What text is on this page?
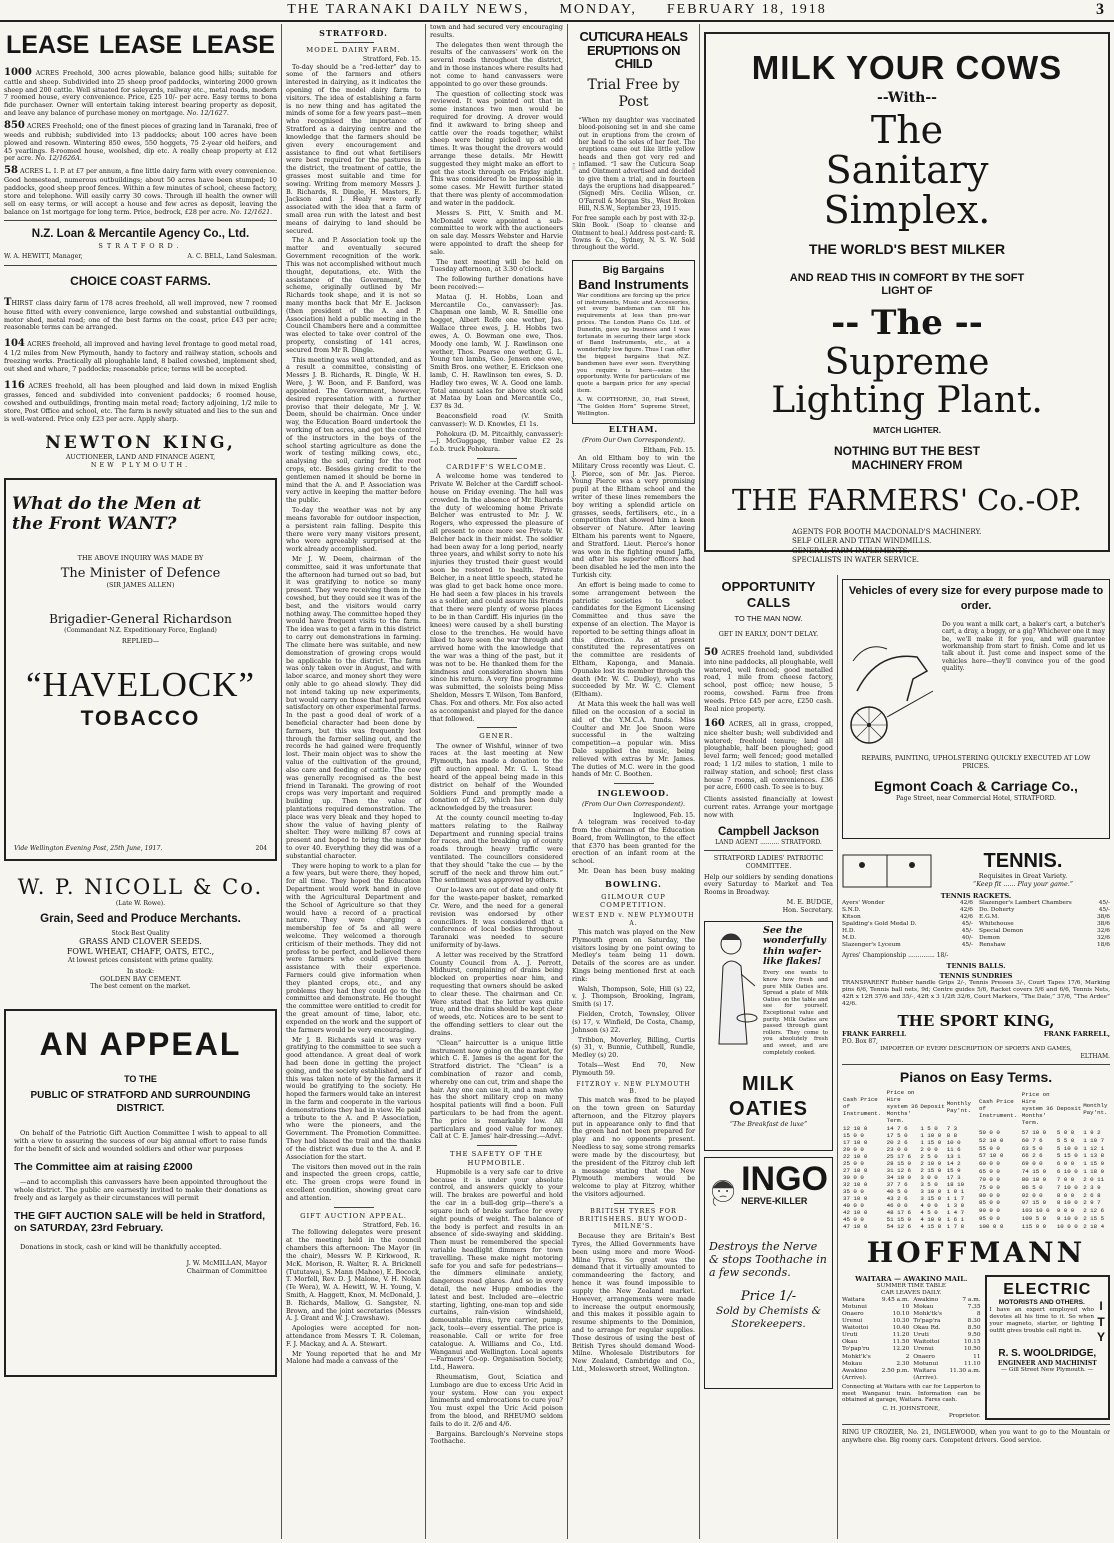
THE TARANAKI DAILY NEWS, MONDAY, FEBRUARY 18, 1918	3
LEASE LEASE LEASE

1000 ACRES Freehold, 300 acres plowable, balance good hills; suitable for cattle and sheep. Subdivided into 25 sheep proof paddocks, wintering 2000 grown sheep and 200 cattle. Well situated for saleyards, railway etc., metal roads, modern 7 roomed house, every convenience. Price, £25 10/- per acre. Easy terms to bona fide purchaser. Owner will entertain taking interest bearing property as deposit, and leave any balance of purchase money on mortgage. No. 12/1627.

850 ACRES Freehold; one of the finest pieces of grazing land in Taranaki, free of weeds and rubbish; subdivided into 13 paddocks; about 100 acres have been plowed and resown. Wintering 850 ewes, 550 hoggets, 75 2-year old heifers, and 45 yearlings. 8-roomed house, woolshed, dip etc. A really cheap property at £12 per acre. No. 12/1626A.

58 ACRES L. I. P. at £7 per annum, a fine little dairy farm with every convenience. Good homestead, numerous outbuildings; about 50 acres have been stumped; 10 paddocks, good sheep proof fences. Within a few minutes of school, cheese factory, store and telephone. Will easily carry 30 cows. Through ill health the owner will sell on easy terms, or will accept a house and few acres as deposit, leaving the balance on 1st mortgage for long term. Price, bedrock, £28 per acre. No. 12/1621.

N.Z. Loan & Mercantile Agency Co., Ltd.
STRATFORD.
W. A. HEWITT, Manager,	A. C. BELL, Land Salesman.
CHOICE COAST FARMS.

THIRST class dairy farm of 178 acres freehold, all well improved, new 7 roomed house fitted with every convenience, large cowshed and substantial outbuildings, motor shed, metal road; one of the best farms on the coast, price £43 per acre; reasonable terms can be arranged.

104 ACRES freehold, all improved and having level frontage to good metal road, 4 1/2 miles from New Plymouth, handy to factory and railway station, schools and freezing works. Practically all ploughable land, 8 bailed cowshed, implement shed, out shed and whare, 7 paddocks; reasonable price; terms will be accepted.

116 ACRES freehold, all has been ploughed and laid down in mixed English grasses, fenced and subdivided into convenient paddocks; 6 roomed house, cowshed and outbuildings, fronting main metal road; factory adjoining, 1/2 mile to store, Post Office and school, etc. The farm is newly situated and lies to the sun and is well-watered. Price only £23 per acre. Apply sharp.

NEWTON KING,
AUCTIONEER, LAND AND FINANCE AGENT,
NEW PLYMOUTH.
What do the Men at
the Front WANT?
THE ABOVE INQUIRY WAS MADE BY
The Minister of Defence
(SIR JAMES ALLEN)
Brigadier-General Richardson
(Commandant N.Z. Expeditionary Force, England)
REPLIED—
“HAVELOCK”
TOBACCO
Vide Wellington Evening Post, 25th June, 1917.	204
W. P. NICOLL & Co.
(Late W. Rowe).
Grain, Seed and Produce Merchants.
Stock Best Quality
GRASS AND CLOVER SEEDS.
FOWL WHEAT, CHAFF, OATS, ETC.,
At lowest prices consistent with prime quality.
In stock:
GOLDEN BAY CEMENT.
The best cement on the market.
AN APPEAL
TO THE
PUBLIC OF STRATFORD AND SURROUNDING DISTRICT.

On behalf of the Patriotic Gift Auction Committee I wish to appeal to all with a view to assuring the success of our big annual effort to raise funds for the benefit of sick and wounded soldiers and other war purposes

The Committee aim at raising £2000

—and to accomplish this canvassers have been appointed throughout the whole district. The public are earnestly invited to make their donations as freely and as largely as their circumstances will permit

THE GIFT AUCTION SALE will be held in Stratford, on SATURDAY, 23rd February.

Donations in stock, cash or kind will be thankfully accepted.

J. W. McMILLAN, Mayor
Chairman of Committee
STRATFORD.
MODEL DAIRY FARM.
Stratford, Feb. 15.

To-day should be a “red-letter” day to some of the farmers and others interested in dairying, as it indicates the opening of the model dairy farm to visitors. The idea of establishing a farm is no new thing and has agitated the minds of some for a few years past—men who recognised the importance of Stratford as a dairying centre and the knowledge that the farmers should be given every encouragement and assistance to find out what fertilisers were best required for the pastures in the district, the treatment of cattle, the grasses most suitable and time for sowing. Writing from memory Messrs J. B. Richards, R. Dingle, H. Masters, E. Jackson and J. Healy were early associated with the idea that a farm of small area run with the latest and best means of dairying to land should be secured.

The A. and P. Association took up the matter and eventually secured Government recognition of the work. This was not accomplished without much thought, deputations, etc. With the assistance of the Government, the scheme, originally outlined by Mr Richards took shape, and it is not so many months back that Mr E. Jackson (then president of the A. and P. Association) held a public meeting in the Council Chambers here and a committee was elected to take over control of the property, consisting of 141 acres, secured from Mr R. Dingle.

This meeting was well attended, and as a result a committee, consisting of Messrs J. B. Richards, R. Dingle, W. H. Were, J. W. Boon, and F. Banford, was appointed. The Government, however, desired representation with a further proviso that their delegate, Mr J. W. Deem, should be chairman. Once under way, the Education Board undertook the working of ten acres, and got the control of the instructors in the boys of the school starting agriculture as done the work of testing milking cows, etc., analysing the soil, caring for the root crops, etc. Besides giving credit to the gentlemen named it should be borne in mind that the A. and P. Association was very active in keeping the matter before the public.

To-day the weather was not by any means favorable for outdoor inspection, a persistent rain falling. Despite this there were very many visitors present, who were agreeably surprised at the work already accomplished.

Mr J. W. Deem, chairman of the committee, said it was unfortunate that the afternoon had turned out so bad, but it was gratifying to notice so many present. They were receiving them in the cowshed, but they could see it was of the best, and the visitors would carry nothing away. The committee hoped they would have frequent visits to the farm. The idea was to get a farm in this district to carry out demonstrations in farming. The climate here was suitable, and new demonstration of growing crops would be applicable to the district. The farm was only taken over in August, and with labor scarce, and money short they were only able to go ahead slowly. They did not intend taking up new experiments, but would carry on those that had proved satisfactory on other experimental farms. In the past a good deal of work of a beneficial character had been done by farmers, but this was frequently lost through the farmer selling out, and the records he had gained were frequently lost. Their main object was to show the value of the cultivation of the ground, also care and feeding of cattle. The cow was generally recognised as the best friend in Taranaki. The growing of root crops was very important and required building up. Then the value of plantations required demonstration. The place was very bleak and they hoped to show the value of having plenty of shelter. They were milking 87 cows at present and hoped to bring the number to over 40. Everything they did was of a substantial character.

They were hoping to work to a plan for a few years, but were there, they hoped, for all time. They hoped the Education Department would work hand in glove with the Agricultural Department and the School of Agriculture so that they would have a record of a practical nature. They were charging a membership fee of 5s and all were welcome. They welcomed a thorough criticism of their methods. They did not profess to be perfect, and believed there were farmers who could give them assistance with their experience. Farmers could give information when they planted crops, etc., and any problems they had they could go to the committee and demonstrate. He thought the committee were entitled to credit for the great amount of time, labor, etc. expended on the work and the support of the farmers would be very encouraging.

Mr J. B. Richards said it was very gratifying to the committee to see such a good attendance. A great deal of work had been done in getting the project going, and the society established, and if this was taken note of by the farmers it would be gratifying to the society. He hoped the farmers would take an interest in the farm and cooperate in the various demonstrations they had in view. He paid a tribute to the A. and P. Association, who were the pioneers, and the Government. The Promotion Committee. They had blazed the trail and the thanks of the district was due to the A. and P. Association for the start.

The visitors then moved out in the rain and inspected the green crops, cattle, etc. The green crops were found in excellent condition, showing great care and attention.

GIFT AUCTION APPEAL.
Stratford, Feb. 16.

The following delegates were present at the meeting held in the council chambers this afternoon: The Mayor (in the chair), Messrs W. P. Kirkwood, R. McK. Morison, R. Walter, R. A. Bricknell (Tututawa), S. Mann (Mahoe), E. Bocock, T. Morfell, Rev. D. J. Malone, V. H. Nolan (Te Wera), W. A. Hewitt, W. H. Young, V. Smith, A. Haggett, Knox, M. McDonald, J. B. Richards, Mallow, G. Sangster, N. Brown, and the joint secretaries (Messrs A. J. Grant and W. J. Crawshaw).

Apologies were accepted for non-attendance from Messrs T. R. Coleman, F. J. Mackay, and A. A. Stewart.

Mr Young reported that he and Mr Malone had made a canvass of the

town and had secured very encouraging results.

The delegates then went through the results of the canvassers' work on the several roads throughout the district, and in those instances where results had not come to hand canvassers were appointed to go over these grounds.

The question of collecting stock was reviewed. It was pointed out that in some instances two men would be required for droving. A drover would find it awkward to bring sheep and cattle over the roads together, whilst sheep were being picked up at odd times. It was thought the drovers would arrange these details. Mr Hewitt suggested they might make an effort to get the stock through on Friday night. This was considered to be impossible in some cases. Mr Hewitt further stated that there was plenty of accommodation and water in the paddock.

Messrs S. Pitt, V. Smith and M. McDonald were appointed a sub-committee to work with the auctioneers on sale day. Messrs Webster and Harvie were appointed to draft the sheep for sale.

The next meeting will be held on Tuesday afternoon, at 3.30 o'clock.

The following further donations have been received:—

Mataa (J. H. Hobbs, Loan and Mercantile Co., canvasser): Jas. Chapman one lamb, W. R. Smellie one hogget, Albert Rolfe one wether, Jas. Wallace three ewes, J. H. Hobbs two ewes, A. O. Bowman one ewe, Thos. Moody one lamb, W. J. Rawlinson one wether, Thos. Pearse one wether, G. L. Young ten lambs, Geo. Jensen one ewe, Smith Bros. one wether, E. Erickson one lamb, C. H. Rawlinson ten ewes, S. D. Hadley two ewes, W. A. Good one lamb. Total amount sales for above stock sold at Mataa by Loan and Mercantile Co., £37 8s 3d.

Beaconsfield road (V. Smith canvasser): W. D. Knowles, £1 1s.

Pohokura (D. M. Pitcaithly, canvasser):—J. McGuggage, timber value £2 2s f.o.b. truck Pohokura.

CARDIFF'S WELCOME.

A welcome home was tendered to Private W. Belcher at the Cardiff school-house on Friday evening. The hall was crowded. In the absence of Mr. Richards the duty of welcoming home Private Belcher was entrusted to Mr. J. W. Rogers, who expressed the pleasure of all present to once more see Private W. Belcher back in their midst. The soldier had been away for a long period, nearly three years, and whilst sorry to note his injuries they trusted their guest would soon be restored to health. Private Belcher, in a neat little speech, stated he was glad to get back home once more. He had seen a few places in his travels as a soldier, and could assure his friends that there were plenty of worse places to be in than Cardiff. His injuries (in the knees) were caused by a shell bursting close to the trenches. He would have liked to have seen the war through and arrived home with the knowledge that the war was a thing of the past, but it was not to be. He thanked them for the kindness and consideration shown him since his return. A very fine programme was submitted, the soloists being Miss Sheldon, Messrs T. Wilson, Tom Banford, Chas. Fox and others. Mr. Fox also acted as accompanist and played for the dance that followed.

GENER.

The owner of Wishful, winner of two races at the last meeting at New Plymouth, has made a donation to the gift auction appeal. Mr. G. L. Stead heard of the appeal being made in this district on behalf of the Wounded Soldiers Fund and promptly made a donation of £25, which has been duly acknowledged by the treasurer.

At the county council meeting to-day matters relating to the Railway Department and running special trains for races, and the breaking up of county roads through heavy traffic were ventilated. The councillors considered that they should “take the cue — by the scruff of the neck and throw him out.” The sentiment was approved by others.

Our lo-laws are out of date and only fit for the waste-paper basket, remarked Cr. Were, and the need for a general revision was endorsed by other councillors. It was considered that a conference of local bodies throughout Taranaki was needed to secure uniformity of by-laws.

A letter was received by the Stratford County Council from A. J. Perrott, Midhurst, complaining of drains being blocked on properties near him, and requesting that owners should be asked to clear these. The chairman and Cr. Were stated that the letter was quite true, and the drains should be kept clear of weeds, etc. Notices are to be sent to the offending settlers to clear out the drains.

“Clean” haircutter is a unique little instrument now going on the market, for which C. E. James is the agent for the Stratford district. The “Clean” is a combination of razor and comb, whereby one can cut, trim and shape the hair. Any one can use it, and a man who has the short military crop on many hospital patients will find a boon. Full particulars to be had from the agent. The price is remarkably low. All particulars and good value for money. Call at C. E. James' hair-dressing.—Advt.

THE SAFETY OF THE HUPMOBILE.

Hupmobile is a very safe car to drive because it is under your absolute control, and answers quickly to your will. The brakes are powerful and hold the car in a bull-dog grip—there's a square inch of brake surface for every eight pounds of weight. The balance of the body is perfect and results in an absence of side-swaying and skidding. Then must be remembered the special variable headlight dimmers for town travelling. These make night motoring safe for you and safe for pedestrians—the dimmers eliminate anxiety, dangerous road glares. And so in every detail, the new Hupp embodies the latest and best. Included are—electric starting, lighting, one-man top and side curtains, rain-vision windshield, demountable rims, tyre carrier, pump, jack, tools—every essential. The price is reasonable. Call or write for free catalogue. A. Williams and Co., Ltd. Wanganui and Wellington. Local agents—Farmers' Co-op. Organisation Society, Ltd., Hawera.

Rheumatism, Gout, Sciatica and Lumbago are due to excess Uric Acid in your system. How can you expect liniments and embrocations to cure you? You must expel the Uric Acid poison from the blood, and RHEUMO seldom fails to do it. 2/6 and 4/6.

Bargains. Barclough's Nerveine stops Toothache.

CUTICURA HEALS ERUPTIONS ON CHILD
Trial Free by Post

“When my daughter was vaccinated blood-poisoning set in and she came out in eruptions from the crown of her head to the soles of her feet. The eruptions came out like little yellow heads and then got very red and inflamed. “I saw the Cuticura Soap and Ointment advertised and decided to give them a trial, and in fourteen days the eruptions had disappeared.” (Signed) Mrs. Cecilia Wilson, cr. O'Farrell & Morgan Sts., West Broken Hill, N.S.W., September 23, 1915.

For free sample each by post with 32-p. Skin Book. (Soap to cleanse and Ointment to heal.) Address post-card: R. Towns & Co., Sydney, N. S. W. Sold throughout the world.

Big Bargains
Band Instruments

War conditions are forcing up the price of instruments, Music and Accessories, yet every bandsman can fill his requirements at less than pre-war prices. The London Piano Co. Ltd. of Dunedin, gave up business and I was fortunate in securing their large stock of Band Instruments, etc., at a wonderfully low figure. Thus I can offer the biggest bargains that N.Z. bandsmen have ever seen. Everything you require is here—seize the opportunity. Write for particulars of me quote a bargain price for any special item.

A. W. COPTHORNE, 30, Hall Street, “The Golden Horn” Supreme Street, Wellington.

ELTHAM.
(From Our Own Correspondent).
Eltham, Feb. 15.

An old Eltham boy to win the Military Cross recently was Lieut. C. J. Pierce, son of Mr. Jas. Pierce. Young Pierce was a very promising pupil at the Eltham school and the writer of these lines remembers the boy writing a splendid article on grasses, seeds, fertilisers, etc., in a competition that showed him a keen observer of Nature. After leaving Eltham his parents went to Ngaere, and Stratford. Lieut. Pierce's honor was won in the fighting round Jaffa, and after his superior officers had been disabled he led the men into the Turkish city.

An effort is being made to come to some arrangement between the patriotic societies to select candidates for the Egmont Licensing Committee and thus save the expense of an election. The Mayor is reported to be setting things afloat in this direction. As at present constituted the representatives on the committee are residents of Eltham, Kaponga, and Manaia. Opunake lost its member through the death (Mr. W. C. Dudley), who was succeeded by Mr. W. C. Clement (Eltham).

At Mata this week the hall was well filled on the occasion of a social in aid of the Y.M.C.A. funds. Miss Coulter and Mr. Joe Snoon were successful in the waltzing competition—a popular win. Miss Dale supplied the music, being relieved with extras by Mr. James. The duties of M.C. were in the good hands of Mr. C. Boothen.

INGLEWOOD.
(From Our Own Correspondent).
Inglewood, Feb. 15.

A telegram was received to-day from the chairman of the Education Board, from Wellington, to the effect that £370 has been granted for the erection of an infant room at the school.

Mr. Dean has been busy making

BOWLING.
GILMOUR CUP COMPETITION.
WEST END v. NEW PLYMOUTH A.

This match was played on the New Plymouth green on Saturday, the visitors losing by one point owing to Medley's team being 11 down. Details of the scores are as under. Kings being mentioned first at each rink:

Walsh, Thompson, Sole, Hill (s) 22, v. J. Thompson, Brooking, Ingram, Smith (s) 17.

Fielden, Crotch, Townsley, Oliver (s) 17, v. Winfield, De Costa, Champ, Johnson (s) 22.

Tribbon, Moverley, Billing, Curtis (s) 31, v. Bunnie, Cuthbell, Rundle, Medley (s) 20.

Totals—West End 70, New Plymouth 59.

FITZROY v. NEW PLYMOUTH B.

This match was fixed to be played on the town green on Saturday afternoon, and the Fitzroy players put in appearance only to find that the green had not been prepared for play and no opponents present. Needless to say, some strong remarks were made by the discourtesy, but the president of the Fitzroy club left a message stating that the New Plymouth members would be welcome to play at Fitzroy, whither the visitors adjourned.

BRITISH TYRES FOR BRITISHERS. BUY WOOD-MILNE'S.

Because they are Britain's Best Tyres, the Allied Governments have been using more and more Wood-Milne Tyres. So great was the demand that it virtually amounted to commandeering the factory, and hence it was found impossible to supply the New Zealand market. However, arrangements were made to increase the output enormously, and this makes it possible again to resume shipments to the Dominion, and to arrange for regular supplies. Those desirous of using the best of British Tyres should demand Wood-Milne. Wholesale Distributors for New Zealand, Cambridge and Co., Ltd., Molesworth street, Wellington.

OPPORTUNITY CALLS
TO THE MAN NOW.
GET IN EARLY, DON'T DELAY.

50 ACRES freehold land, subdivided into nine paddocks, all ploughable, well watered, well fenced; good metalled road, 1 mile from cheese factory, school, post office; new house, 5 rooms, cowshed. Farm free from weeds. Price £45 per acre, £250 cash. Real nice property.

160 ACRES, all in grass, cropped, nice shelter bush; well subdivided and watered; freehold tenure; land all ploughable, half been ploughed; good level farm; well fenced; good metalled road; 1 1/2 miles to station, 1 mile to railway station, and school; first class house 7 rooms, all conveniences. £36 per acre, £600 cash. To see is to buy.

Clients assisted financially at lowest current rates. Arrange your mortgage now with

Campbell Jackson
LAND AGENT .......... STRATFORD.
STRATFORD LADIES' PATRIOTIC COMMITTEE.

Help our soldiers by sending donations every Saturday to Market and Tea Rooms in Broadway.

M. E. BUDGE,
Hon. Secretary.
See the wonderfully thin wafer-like flakes!

Every one wants to know how fresh and pure Milk Oaties are. Spread a plate of Milk Oaties on the table and see for yourself. Exceptional value and purity. Milk Oaties are passed through giant rollers. They come to you absolutely fresh and sweet, and are completely cooked.

MILK OATIES
“The Breakfast de luxe”
INGO
NERVE-KILLER
Destroys the Nerve & stops Toothache in a few seconds.
Price 1/-
Sold by Chemists & Storekeepers.
MILK YOUR COWS
--With--
The Sanitary Simplex.
THE WORLD'S BEST MILKER
AND READ THIS IN COMFORT BY THE SOFT LIGHT OF
-- The --
Supreme Lighting Plant.
MATCH LIGHTER.
NOTHING BUT THE BEST MACHINERY FROM
THE FARMERS' Co.-OP.
AGENTS FOR BOOTH MACDONALD'S MACHINERY.
SELF OILER AND TITAN WINDMILLS.
GENERAL FARM IMPLEMENTS.
SPECIALISTS IN WATER SERVICE.
Vehicles of every size for every purpose made to order.

Do you want a milk cart, a baker's cart, a butcher's cart, a dray, a buggy, or a gig? Whichever one it may be, we'll make it for you, and will guarantee workmanship from start to finish. Come and let us talk about it. Just come and inspect some of the vehicles here—they'll convince you of the good quality.

REPAIRS, PAINTING, UPHOLSTERING QUICKLY EXECUTED AT LOW PRICES.
Egmont Coach & Carriage Co.,
Page Street, near Commercial Hotel, STRATFORD.
TENNIS.
Requisites in Great Variety.
“Keep fit ...... Play your game.”
TENNIS RACKETS.
Ayers' Wonder	42/6
S.N.D.	42/6
Kitson	42/6
Spalding's Gold Medal D.	45/-
H.D.	45/-
M.D.	40/-
Slazenger's Lyceum	45/-
Slazenger's Lambert Chambers	45/-
Do. Doherty	45/-
E.G.M.	38/6
Whitehouse	38/6
Special Demon	32/6
Demon	32/6
Renshaw	18/6
Ayres' Championship .............. 18/-
TENNIS BALLS.
TENNIS SUNDRIES

TRANSPARENT Rubber handle Grips 2/-, Tennis Presses 3/-, Court Tapes 17/6, Marking pins 6/6, Tennis ball nets, 9d; Centre guides 5/6, Racket covers 5/6 and 6/6, Tennis Nets, 42ft x 12ft 37/6 and 35/-, 42ft x 3 1/2ft 32/6, Court Markers, “The Dale,” 37/6, “The Ardee” 42/6.

THE SPORT KING,
FRANK FARRELL	FRANK FARRELL,
P.O. Box 87,
IMPORTER OF EVERY DESCRIPTION OF SPORTS AND GAMES,
ELTHAM.
Pianos on Easy Terms.
Cash Price of Instrument.	Price on Hire system 36 Months' Term.	Deposit	Monthly Pay'nt.
12 10 0	14 7 6	1 5 0	7 3
15 0 0	17 5 0	1 10 0	8 8
17 10 0	20 2 6	1 15 0	10 0
20 0 0	23 0 0	2 0 0	11 6
22 10 0	25 17 6	2 5 0	13 1
25 0 0	28 15 0	2 10 0	14 2
27 10 0	31 12 6	2 15 0	15 9
30 0 0	34 10 0	3 0 0	17 3
32 10 0	37 7 6	3 5 0	18 10
35 0 0	40 5 0	3 10 0	1 0 1
37 10 0	43 2 6	3 15 0	1 1 7
40 0 0	46 0 0	4 0 0	1 3 0
42 10 0	48 17 6	4 5 0	1 4 7
45 0 0	51 15 0	4 10 0	1 6 1
47 10 0	54 12 6	4 15 0	1 7 8
Cash Price of Instrument.	Price on Hire system 36 Months' Term.	Deposit	Monthly Pay'nt.
50 0 0	57 10 0	5 0 0	1 9 2
52 10 0	60 7 6	5 5 0	1 10 7
55 0 0	63 5 0	5 10 0	1 12 1
57 10 0	66 2 6	5 15 0	1 13 8
60 0 0	69 0 0	6 0 0	1 15 0
65 0 0	74 15 0	6 10 0	1 18 0
70 0 0	80 10 0	7 0 0	2 0 11
75 0 0	86 5 0	7 10 0	2 3 9
80 0 0	92 0 0	8 0 0	2 6 8
85 0 0	97 15 0	8 10 0	2 9 7
90 0 0	103 10 0	9 0 0	2 12 6
95 0 0	109 5 0	9 10 0	2 15 5
100 0 0	115 0 0	10 0 0	2 18 4
HOFFMANN
WAITARA — AWAKINO MAIL.
SUMMER TIME TABLE
CAR LEAVES DAILY.
Waitara	9.45 a.m.
Motunui	10
Onaero	10.10
Urenui	10.30
Waitoitoi	10.40
Uruti	11.20
Okau	11.50
To'pap'ru	12.20
Mohkt'k's	2
Mokau	2.30
Awakino	2.50 p.m.
(Arrive).
Awakino	7 a.m.
Mokau	7.35
Mohk'tk's	8
To'pap'ra	8.30
Okau Rd.	8.50
Uruti	9.50
Waitoitoi	10.15
Urenui	10.50
Onaero	11
Motunui	11.10
Waitara 11.30 a.m.
(Arrive).

Connecting at Waitara with car for Lepperton to meet Wanganui train. Information can be obtained at garage, Waitara. Fares cash.

C. H. JOHNSTONE,
Proprietor.
ELECTRIC
MOTORISTS AND OTHERS.

I have an expert employed who devotes all his time to it. So when your magneto, starter, or lighting outfit gives trouble call right in.

I
T
Y
R. S. WOOLDRIDGE,
ENGINEER AND MACHINIST
— Gill Street New Plymouth. —

RING UP CROZIER, No. 21, INGLEWOOD, when you want to go to the Mountain or anywhere else. Big roomy cars. Competent drivers. Good service.
